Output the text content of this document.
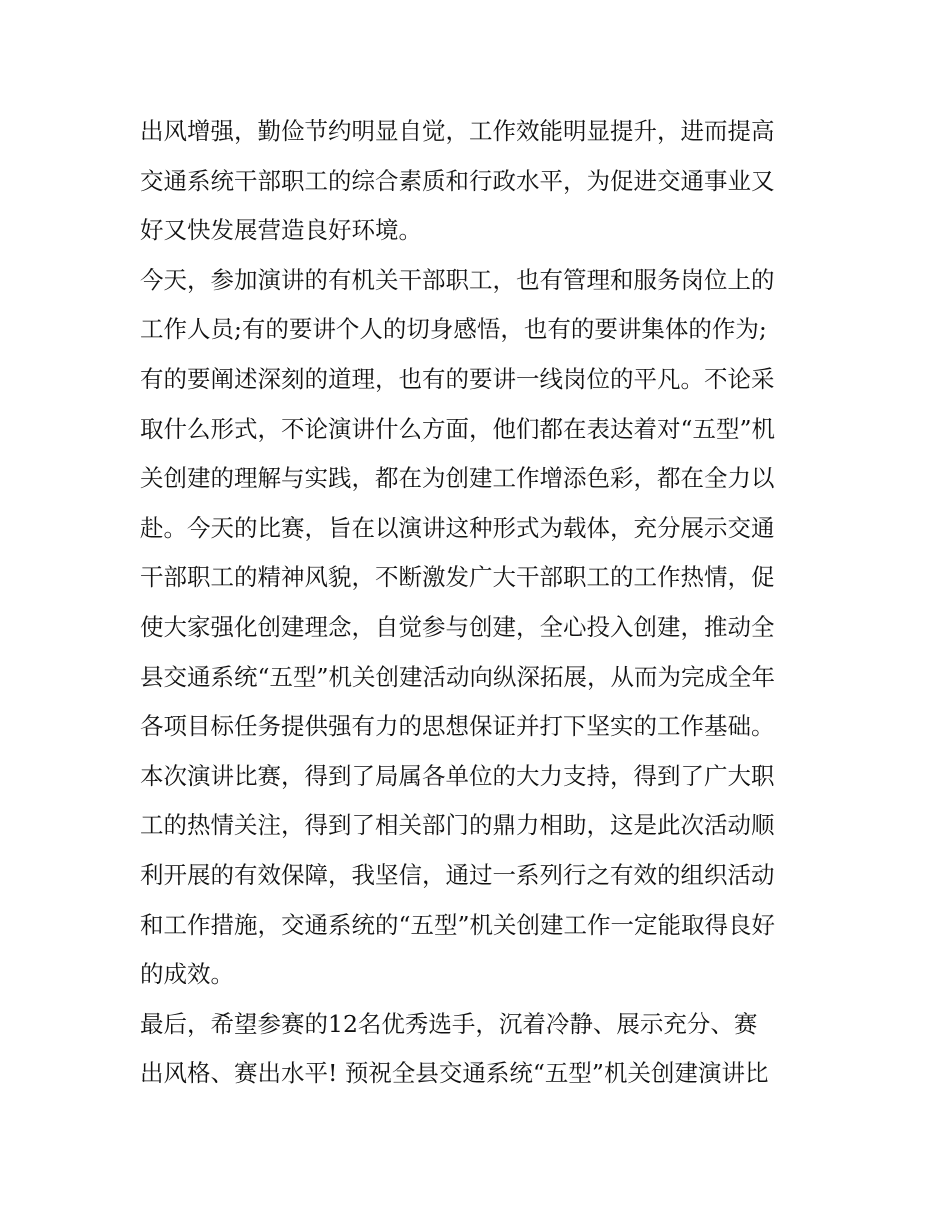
出风增强，勤俭节约明显自觉，工作效能明显提升，进而提高
交通系统干部职工的综合素质和行政水平，为促进交通事业又
好又快发展营造良好环境。

今天，参加演讲的有机关干部职工，也有管理和服务岗位上的
工作人员;有的要讲个人的切身感悟，也有的要讲集体的作为;
有的要阐述深刻的道理，也有的要讲一线岗位的平凡。不论采
取什么形式，不论演讲什么方面，他们都在表达着对“五型”机
关创建的理解与实践，都在为创建工作增添色彩，都在全力以
赴。今天的比赛，旨在以演讲这种形式为载体，充分展示交通
干部职工的精神风貌，不断激发广大干部职工的工作热情，促
使大家强化创建理念，自觉参与创建，全心投入创建，推动全
县交通系统“五型”机关创建活动向纵深拓展，从而为完成全年
各项目标任务提供强有力的思想保证并打下坚实的工作基础。

本次演讲比赛，得到了局属各单位的大力支持，得到了广大职
工的热情关注，得到了相关部门的鼎力相助，这是此次活动顺
利开展的有效保障，我坚信，通过一系列行之有效的组织活动
和工作措施，交通系统的“五型”机关创建工作一定能取得良好
的成效。

最后，希望参赛的12名优秀选手，沉着冷静、展示充分、赛
出风格、赛出水平! 预祝全县交通系统“五型”机关创建演讲比
